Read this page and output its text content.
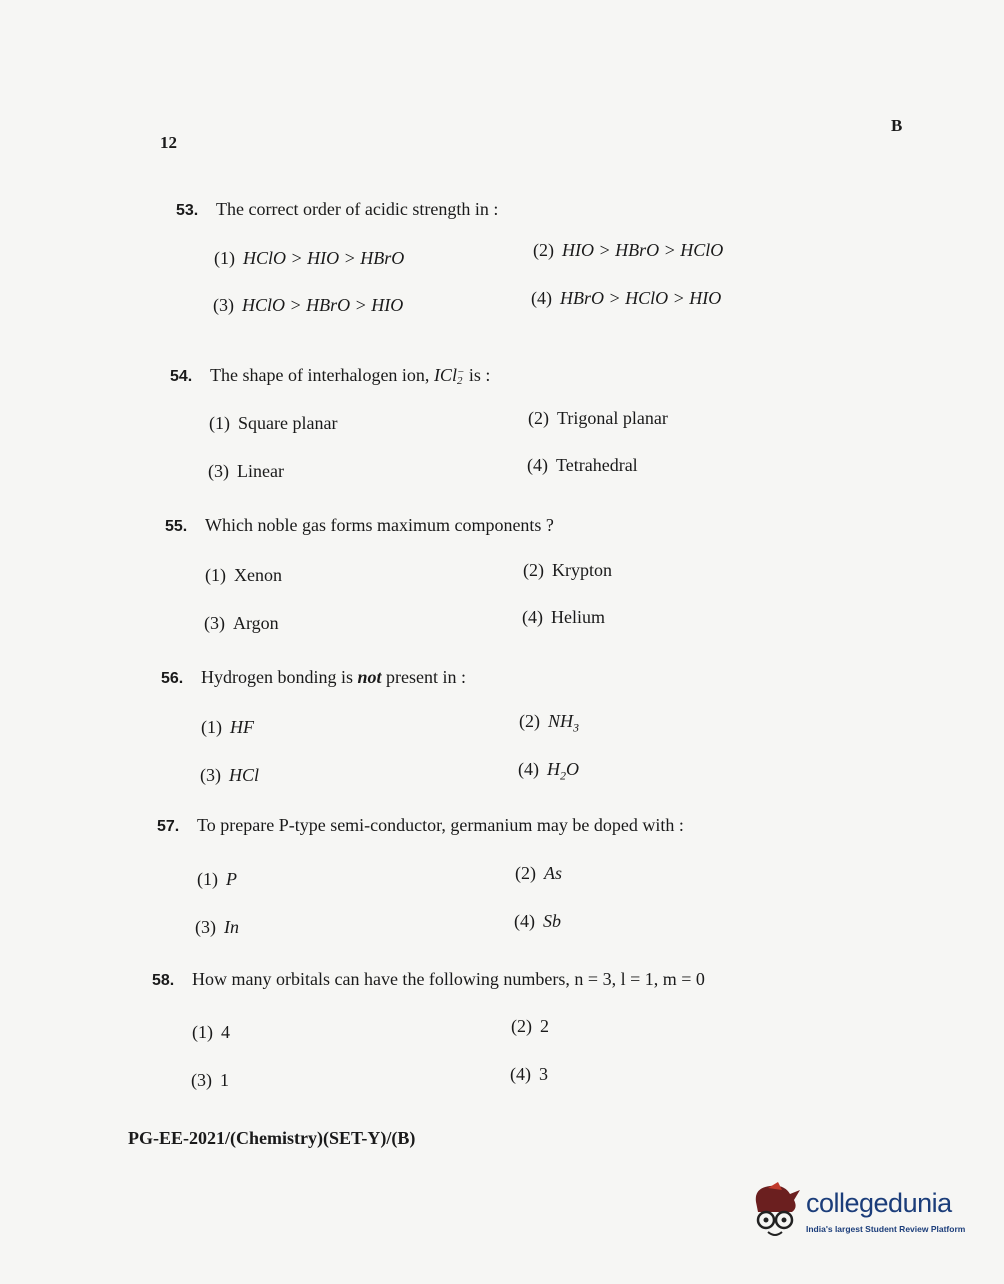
12
B
53. The correct order of acidic strength in :
(1) HClO > HIO > HBrO	(2) HIO > HBrO > HClO
(3) HClO > HBrO > HIO	(4) HBrO > HClO > HIO
54. The shape of interhalogen ion, ICl −
2 is :
(1) Square planar	(2) Trigonal planar
(3) Linear	(4) Tetrahedral
55. Which noble gas forms maximum components ?
(1) Xenon	(2) Krypton
(3) Argon	(4) Helium
56. Hydrogen bonding is not present in :
(1) HF	(2) $NH_3$
(3) HCl	(4) $H_2O$
57. To prepare P-type semi-conductor, germanium may be doped with :
(1) P	(2) As
(3) In	(4) Sb
58. How many orbitals can have the following numbers, n = 3, l = 1, m = 0
(1) 4	(2) 2
(3) 1	(4) 3
PG-EE-2021/(Chemistry)(SET-Y)/(B)
collegedunia
India's largest Student Review Platform
